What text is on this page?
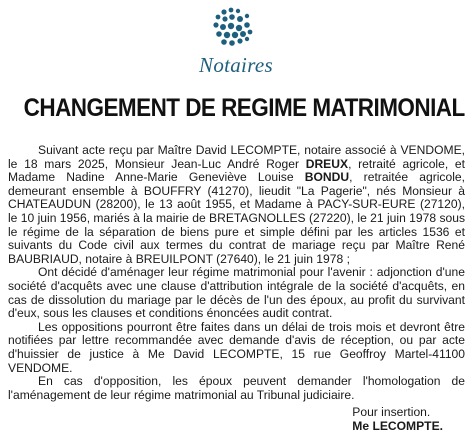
Notaires
CHANGEMENT DE REGIME MATRIMONIAL

Suivant acte reçu par Maître David LECOMPTE, notaire associé à VENDOME, le 18 mars 2025, Monsieur Jean-Luc André Roger DREUX, retraité agricole, et Madame Nadine Anne-Marie Geneviève Louise BONDU, retraitée agricole, demeurant ensemble à BOUFFRY (41270), lieudit "La Pagerie", nés Monsieur à CHATEAUDUN (28200), le 13 août 1955, et Madame à PACY-SUR-EURE (27120), le 10 juin 1956, mariés à la mairie de BRETAGNOLLES (27220), le 21 juin 1978 sous le régime de la séparation de biens pure et simple défini par les articles 1536 et suivants du Code civil aux termes du contrat de mariage reçu par Maître René BAUBRIAUD, notaire à BREUILPONT (27640), le 21 juin 1978 ;

Ont décidé d'aménager leur régime matrimonial pour l'avenir : adjonction d'une société d'acquêts avec une clause d'attribution intégrale de la société d'acquêts, en cas de dissolution du mariage par le décès de l'un des époux, au profit du survivant d'eux, sous les clauses et conditions énoncées audit contrat.

Les oppositions pourront être faites dans un délai de trois mois et devront être notifiées par lettre recommandée avec demande d'avis de réception, ou par acte d'huissier de justice à Me David LECOMPTE, 15 rue Geoffroy Martel-41100 VENDOME.

En cas d'opposition, les époux peuvent demander l'homologation de l'aménagement de leur régime matrimonial au Tribunal judiciaire.

Pour insertion.
Me LECOMPTE.
